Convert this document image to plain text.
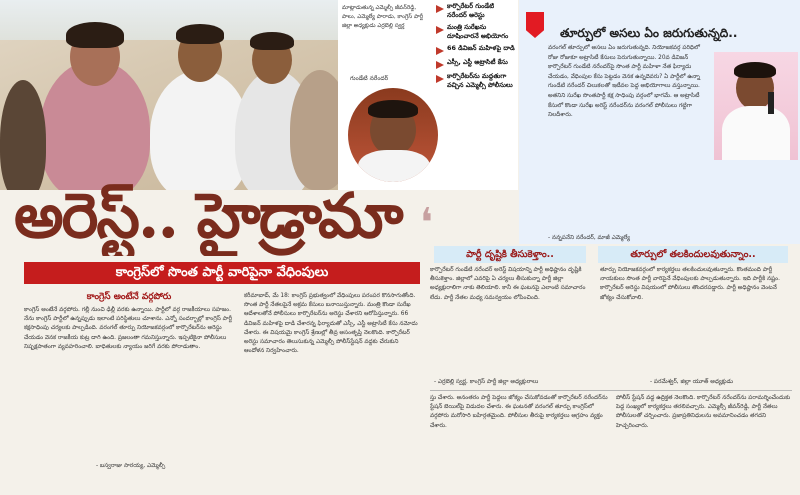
మాట్లాడుతున్న ఎమ్మెల్సీ జీవన్‌రెడ్డి, పాలు, ఎమ్మెల్యే పారాడు, కాంగ్రెస్ పార్టీ జిల్లా అధ్యక్షుడు ఎర్రబెల్లి స్వర్ణ
కార్పొరేటర్ గుండేటి నరేందర్ అరెస్టు
మంత్రి సురేఖను దూషించారనే అభియోగం
66 డివిజన్ మహిళపై దాడి
ఎస్సీ, ఎస్టీ అట్రాసిటీ కేసు
కార్పొరేటర్‌ను మద్దతుగా వచ్చిన ఎమ్మెల్సీ పోలీసులు
గుండేటి నరేందర్
తూర్పులో అసలు ఏం జరుగుతున్నది..
వరంగల్ తూర్పులో అసలు ఏం జరుగుతున్నది. నియోజకవర్గ పరిధిలో రోజు రోజుకూ అట్రాసిటీ కేసులు పెరుగుతున్నాయి. 20వ డివిజన్ కార్పొరేటర్ గుండేటి నరేందర్‌పై సొంత పార్టీ మహిళా నేత ఫిర్యాదు చేయడం, వేధింపుల కేసు పెట్టడం వెనక ఉన్నదెవరు? ఏ పార్టీలో ఉన్నా గుండేటి నరేందర్ చిలుకలతో ఇటీవల పెద్ద అభియోగాలు వస్తున్నాయి. అతనిని సురేఖ సొంతపార్టీ కక్ష సాధింపు వర్గంలో భాగమే. ఆ అట్రాసిటీ కేసులో కొండా సురేఖ అరెస్ట్ నరేందర్‌ను వరంగల్ పోలీసులు గట్టిగా నిలదీశారు.
- నన్నపనేని నరేందర్, మాజీ ఎమ్మెల్యే
అరెస్ట్.. హైడ్రామా ❛
పార్టీ దృష్టికి తీసుకెళ్తాం..	తూర్పులో తలకిందులవుతున్నాం..
కాంగ్రెస్‌లో సొంత పార్టీ వారిపైనా వేధింపులు
కాంగ్రెస్ అంటేనే వర్గపోరు
కాంగ్రెస్ అంటేనే వర్గపోరు. గల్లీ నుంచి ఢిల్లీ వరకు ఉన్నాయి. పార్టీలో వర్గ రాజకీయాలు సహజం. నేను కాంగ్రెస్ పార్టీలో ఉన్నప్పుడు ఇలాంటి పరిస్థితులు చూశాను. ఎన్నో సందర్భాల్లో కాంగ్రెస్ పార్టీ కక్షసాధింపు చర్యలకు పాల్పడింది. వరంగల్ తూర్పు నియోజకవర్గంలో కార్పొరేటర్‌ను అరెస్టు చేయడం వెనక రాజకీయ కుట్ర దాగి ఉంది. ప్రజలంతా గమనిస్తున్నారు. ఇప్పటికైనా పోలీసులు నిష్పక్షపాతంగా వ్యవహరించాలి. బాధితులకు న్యాయం జరిగే వరకు పోరాడుతాం.
- బస్వరాజు సారయ్య, ఎమ్మెల్సీ
కరీమాబాద్, మే 18: కాంగ్రెస్ ప్రభుత్వంలో వేధింపులు పరంపర కొనసాగుతోంది. సొంత పార్టీ నేతలపైనే అక్రమ కేసులు బనాయిస్తున్నారు. మంత్రి కొండా సురేఖ ఆదేశాలతోనే పోలీసులు కార్పొరేటర్‌ను అరెస్టు చేశారని ఆరోపిస్తున్నారు. 66 డివిజన్ మహిళపై దాడి చేశారన్న ఫిర్యాదుతో ఎస్సీ, ఎస్టీ అట్రాసిటీ కేసు నమోదు చేశారు. ఈ విషయమై కాంగ్రెస్ శ్రేణుల్లో తీవ్ర అసంతృప్తి నెలకొంది. కార్పొరేటర్ అరెస్టు సమాచారం తెలుసుకున్న ఎమ్మెల్సీ పోలీస్‌స్టేషన్ వద్దకు చేరుకుని ఆందోళన నిర్వహించారు.
కార్పొరేటర్ గుండేటి నరేందర్ అరెస్ట్ విషయాన్ని పార్టీ అధిష్టానం దృష్టికి తీసుకెళ్తాం. జిల్లాలో ఎవరిపై ఏ చర్యలు తీసుకున్నా పార్టీ జిల్లా అధ్యక్షురాలిగా నాకు తెలియాలి. కానీ ఈ ఘటనపై ఎలాంటి సమాచారం లేదు. పార్టీ నేతల మధ్య సమన్వయం లోపించింది.
- ఎర్రబెల్లి స్వర్ణ, కాంగ్రెస్ పార్టీ జిల్లా అధ్యక్షురాలు
తూర్పు నియోజకవర్గంలో కార్యకర్తలు తలకిందులవుతున్నారు. కొంతమంది పార్టీ నాయకులు సొంత పార్టీ వారిపైనే వేధింపులకు పాల్పడుతున్నారు. ఇది పార్టీకి నష్టం. కార్పొరేటర్ అరెస్టు విషయంలో పోలీసులు తొందరపడ్డారు. పార్టీ అధిష్టానం వెంటనే జోక్యం చేసుకోవాలి.
- పరమేశ్వర్, జిల్లా యూత్ అధ్యక్షుడు
స్తు చేశారు. అనంతరం పార్టీ పెద్దలు జోక్యం చేసుకోవడంతో కార్పొరేటర్ నరేందర్‌ను స్టేషన్ బెయిల్‌పై విడుదల చేశారు. ఈ ఘటనతో వరంగల్ తూర్పు కాంగ్రెస్‌లో వర్గపోరు మరోసారి బహిర్గతమైంది. పోలీసుల తీరుపై కార్యకర్తలు ఆగ్రహం వ్యక్తం చేశారు.
పోలీస్ స్టేషన్ వద్ద ఉద్రిక్తత నెలకొంది. కార్పొరేటర్ నరేందర్‌ను పరామర్శించేందుకు పెద్ద సంఖ్యలో కార్యకర్తలు తరలివచ్చారు. ఎమ్మెల్సీ జీవన్‌రెడ్డి, పార్టీ నేతలు పోలీసులతో చర్చించారు. ప్రజాప్రతినిధులను అవమానించడం తగదని హెచ్చరించారు.
